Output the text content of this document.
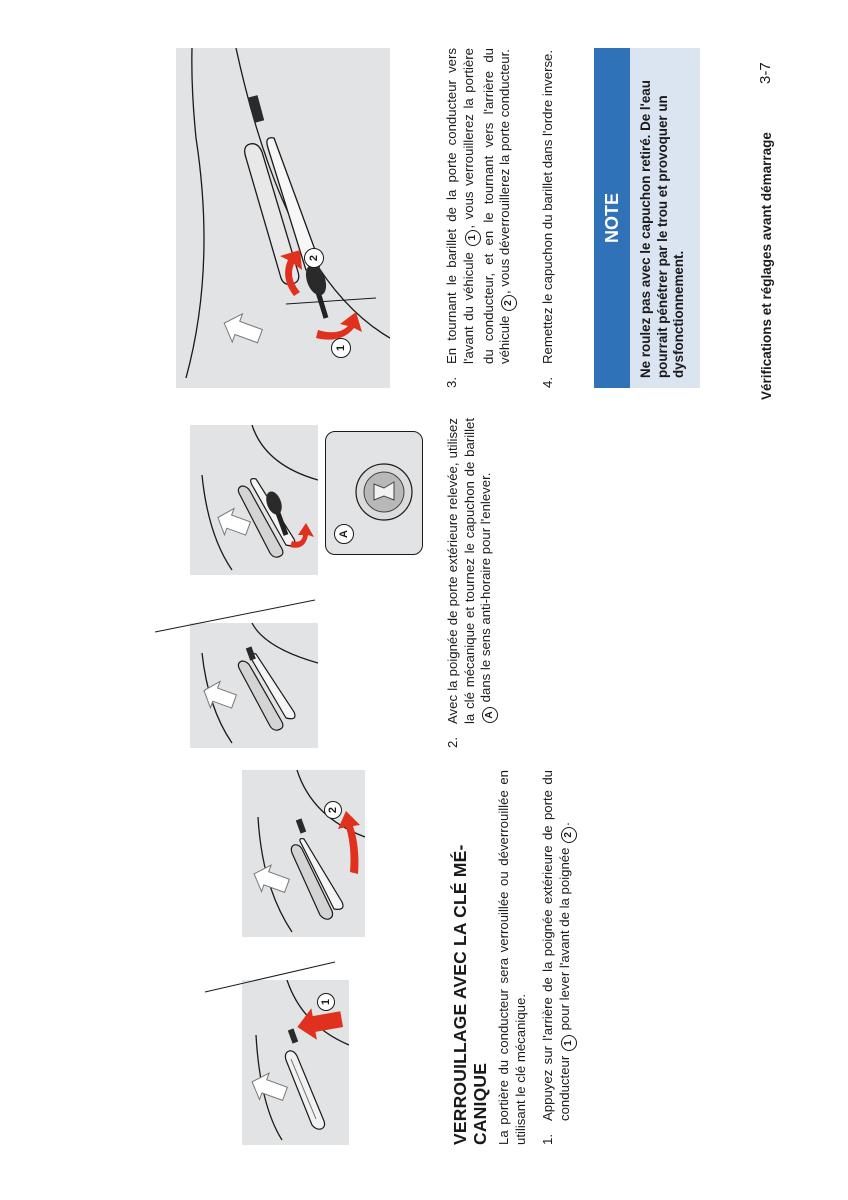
1
2
VERROUILLAGE AVEC LA CLÉ MÉ- CANIQUE La portière du conducteur sera verrouillée ou déverrouillée en utilisant le clé mécanique. 1.
Appuyez sur l'arrière de la poignée extérieure de porte du conducteur 1 pour lever l'avant de la poignée 2.
A
2.
Avec la poignée de porte extérieure relevée, utilisez la clé mécanique et tournez le capuchon de barillet A dans le sens anti-horaire pour l'enlever.
1
2
3.
En tournant le barillet de la porte conducteur vers l'avant du véhicule 1, vous verrouillerez la portière du conducteur, et en le tournant vers l'arrière du véhicule 2, vous déverrouillerez la porte conducteur.
4.
Remettez le capuchon du barillet dans l'ordre inverse.	NOTE	Ne roulez pas avec le capuchon retiré. De l'eau pourrait pénétrer par le trou et provoquer un dysfonctionnement.	Vérifications et réglages avant démarrage
3-7
